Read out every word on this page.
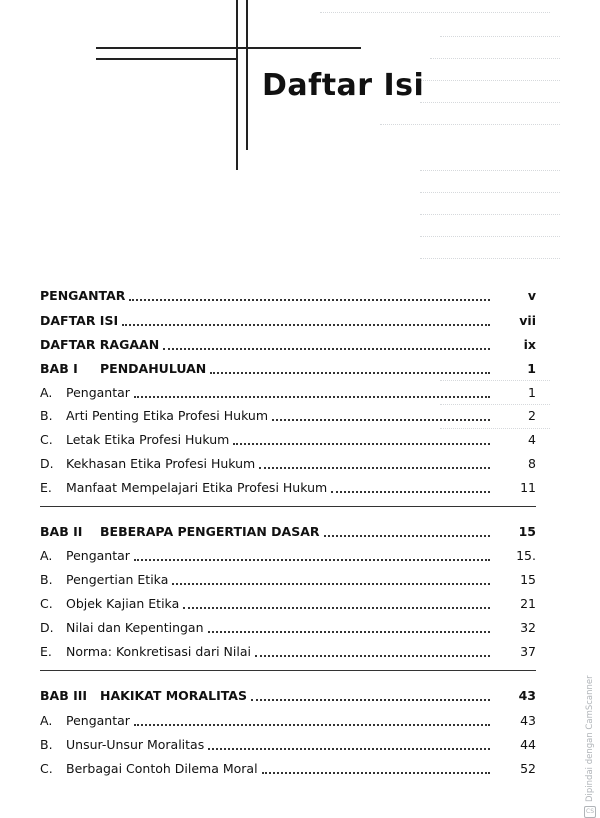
Daftar Isi
PENGANTAR	v
DAFTAR ISI	vii
DAFTAR RAGAAN	ix
BAB I PENDAHULUAN	1
A. Pengantar	1
B. Arti Penting Etika Profesi Hukum	2
C. Letak Etika Profesi Hukum	4
D. Kekhasan Etika Profesi Hukum	8
E. Manfaat Mempelajari Etika Profesi Hukum	11
BAB II BEBERAPA PENGERTIAN DASAR	15
A. Pengantar	15.
B. Pengertian Etika	15
C. Objek Kajian Etika	21
D. Nilai dan Kepentingan	32
E. Norma: Konkretisasi dari Nilai	37
BAB III HAKIKAT MORALITAS	43
A. Pengantar	43
B. Unsur-Unsur Moralitas	44
C. Berbagai Contoh Dilema Moral	52
CS
Dipindai dengan CamScanner
